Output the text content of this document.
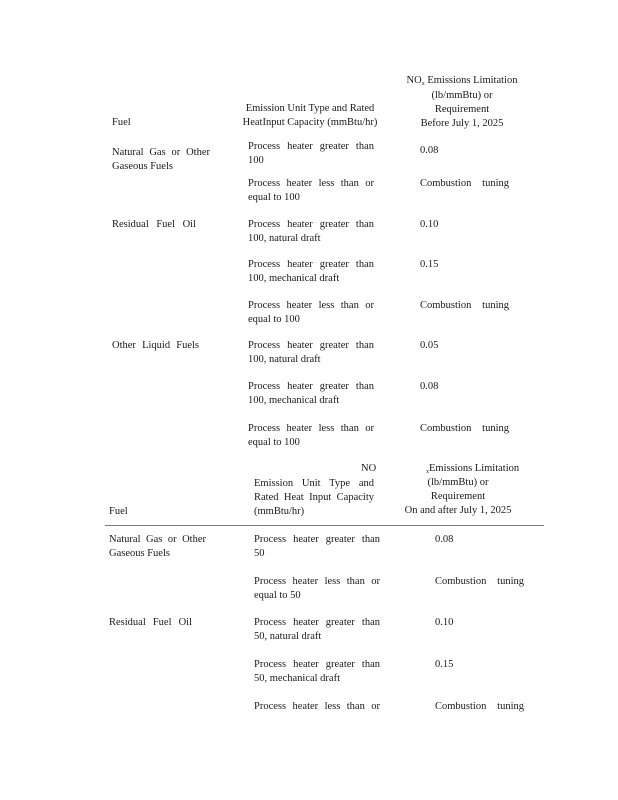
Fuel
Emission Unit Type and Rated
HeatInput Capacity (mmBtu/hr)
$NO_x$ Emissions Limitation
(lb/mmBtu) or
Requirement
Before July 1, 2025
Natural Gas or Other
Gaseous Fuels
Residual Fuel Oil
Other Liquid Fuels
Process heater greater than
100
0.08
Process heater less than or
equal to 100
Combustion tuning
Process heater greater than
100, natural draft
0.10
Process heater greater than
100, mechanical draft
0.15
Process heater less than or
equal to 100
Combustion tuning
Process heater greater than
100, natural draft
0.05
Process heater greater than
100, mechanical draft
0.08
Process heater less than or
equal to 100
Combustion tuning
Fuel
NO
Emission Unit Type and
Rated Heat Input Capacity
(mmBtu/hr)
$_x$Emissions Limitation
(lb/mmBtu) or
Requirement
On and after July 1, 2025
Natural Gas or Other
Gaseous Fuels
Residual Fuel Oil
Process heater greater than
50
0.08
Process heater less than or
equal to 50
Combustion tuning
Process heater greater than
50, natural draft
0.10
Process heater greater than
50, mechanical draft
0.15
Process heater less than or	Combustion tuning
